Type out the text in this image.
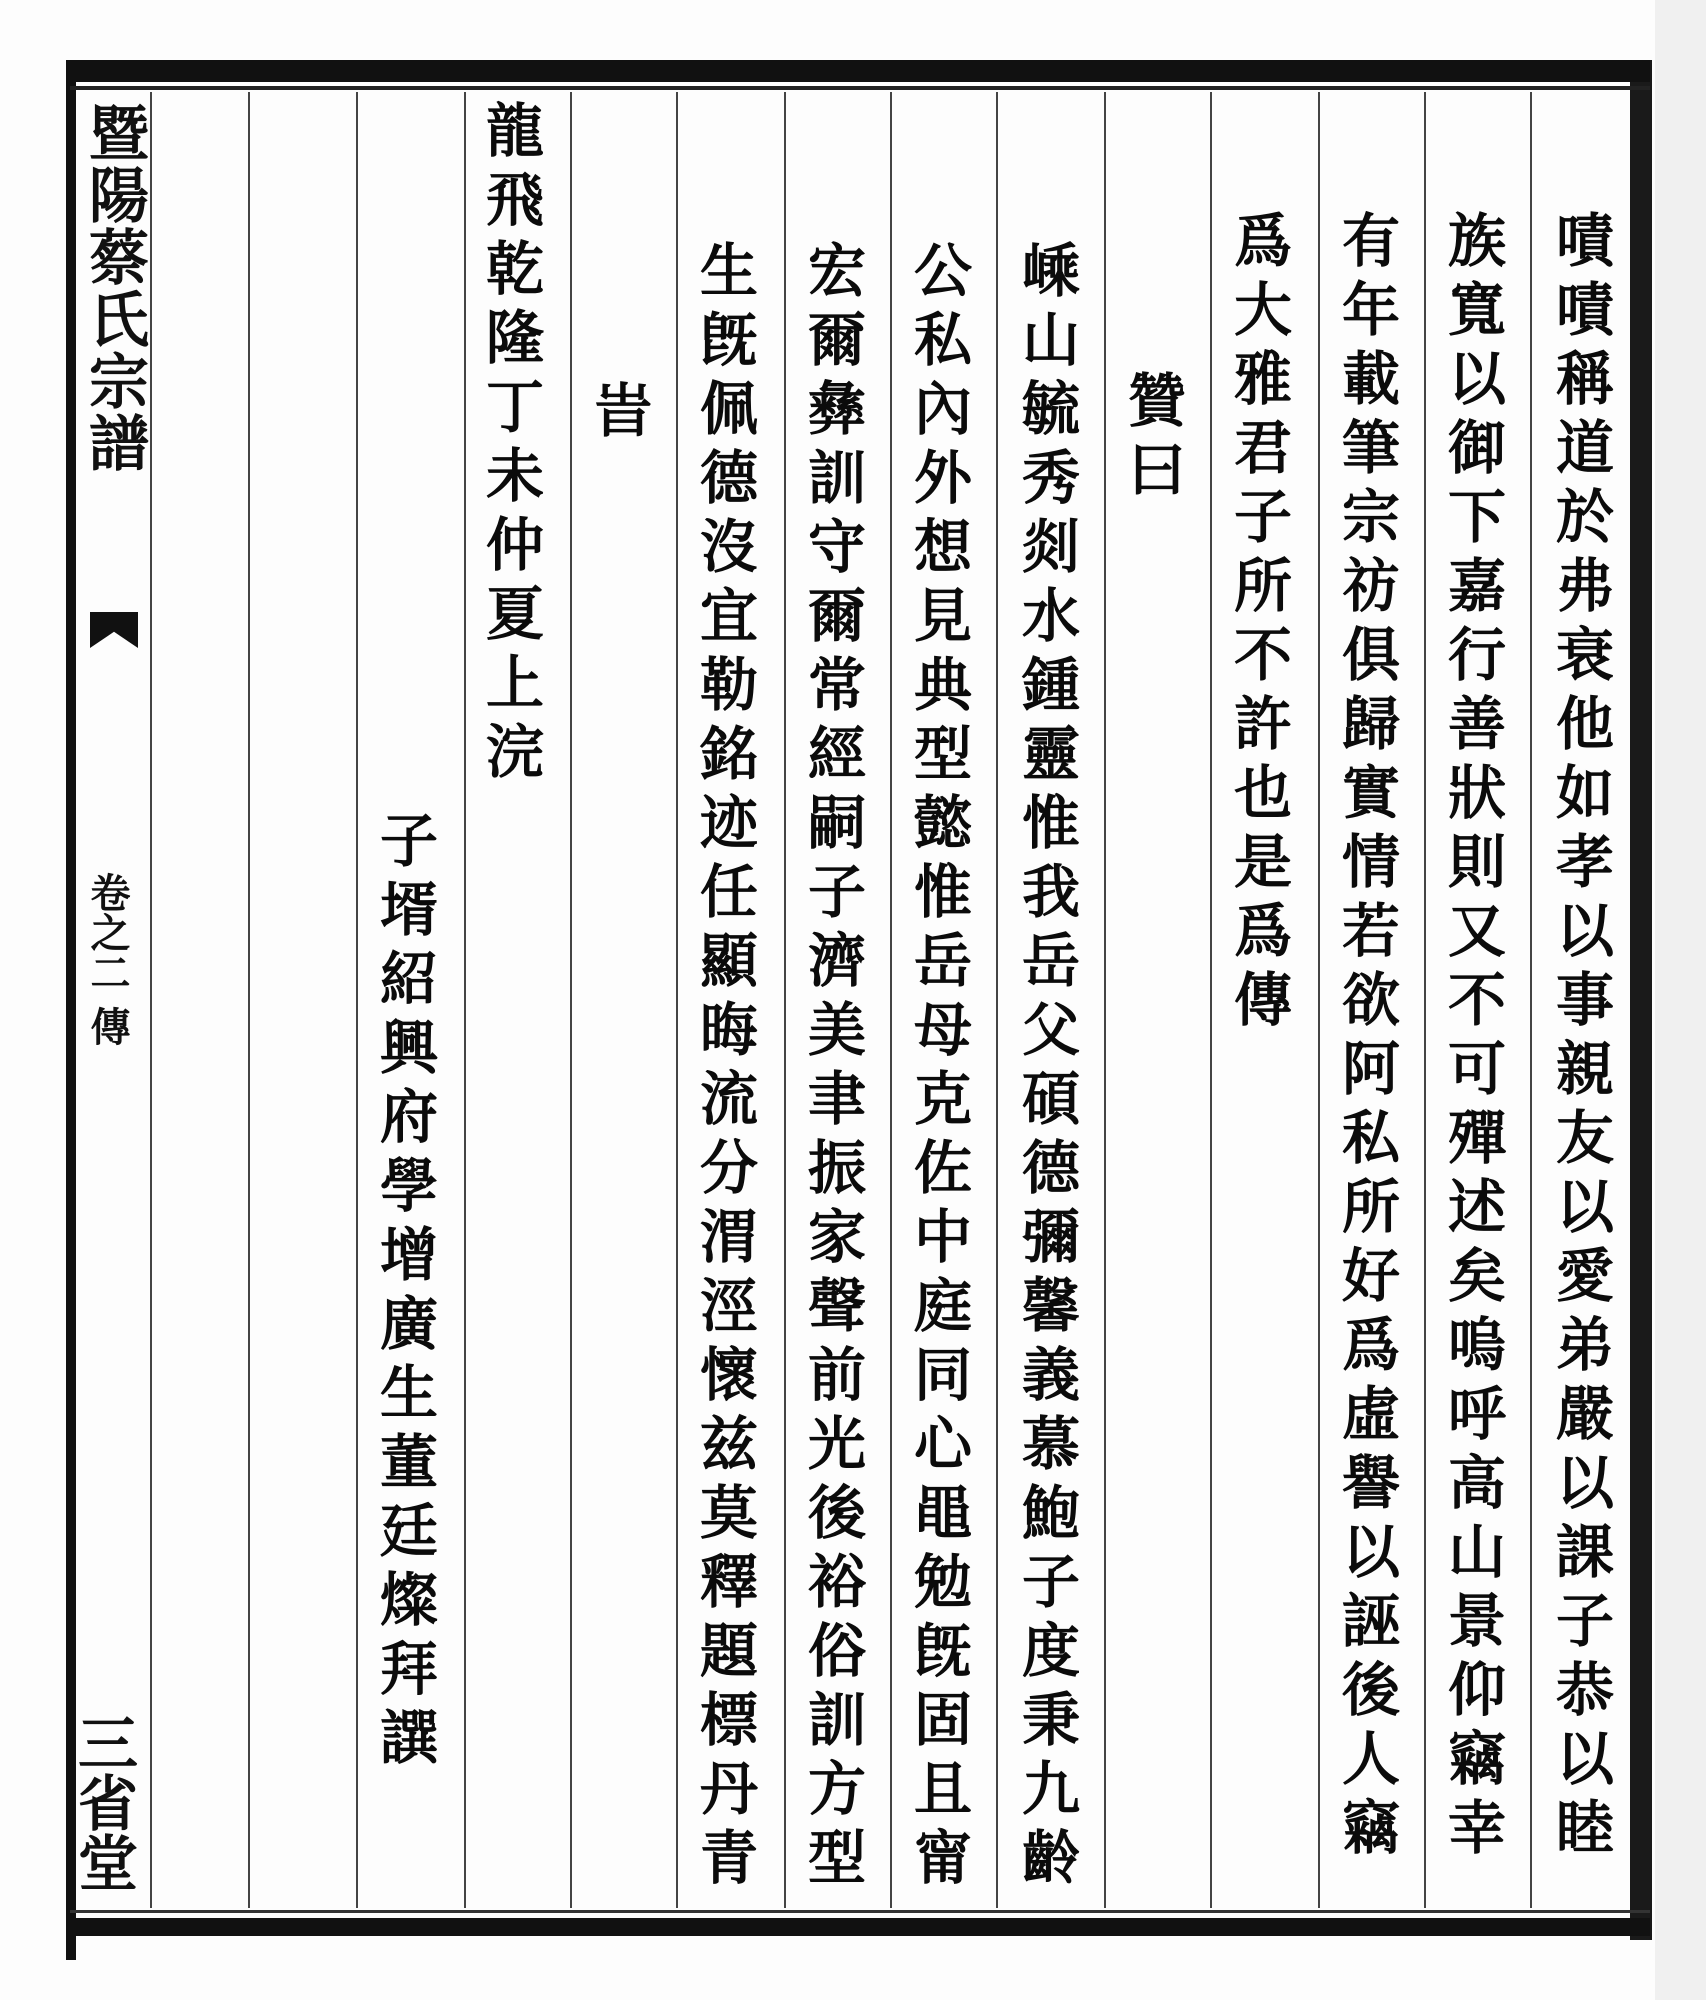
暨陽蔡氏宗譜
卷之二 傳
三省堂	嘖嘖稱道於弗衰他如孝以事親友以愛弟嚴以課子恭以睦
族寬以御下嘉行善狀則又不可殫述矣嗚呼高山景仰竊幸
有年載筆宗祊俱歸實情若欲阿私所好爲虛譽以誣後人竊
爲大雅君子所不許也是爲傳
贊曰
嵊山毓秀剡水鍾靈惟我岳父碩德彌馨義慕鮑子度秉九齡
公私內外想見典型懿惟岳母克佐中庭同心黽勉旣固且甯
宏爾彝訓守爾常經嗣子濟美聿振家聲前光後裕俗訓方型
生旣佩德沒宜勒銘迹任顯晦流分渭涇懷兹莫釋題標丹青
旹
龍飛乾隆丁未仲夏上浣
子壻紹興府學增廣生董廷燦拜譔
